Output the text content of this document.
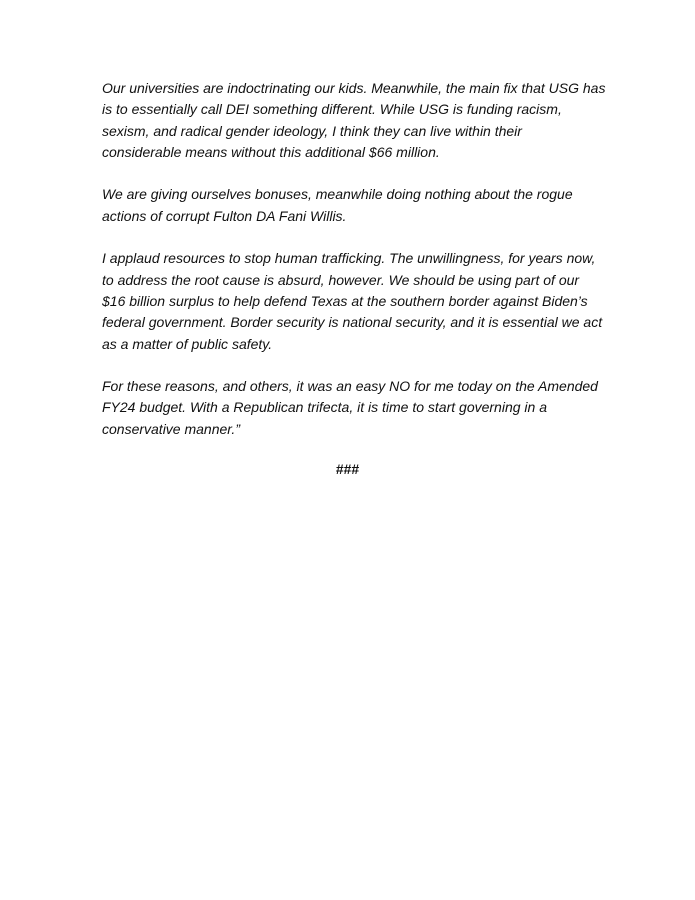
Our universities are indoctrinating our kids. Meanwhile, the main fix that USG has
is to essentially call DEI something different. While USG is funding racism,
sexism, and radical gender ideology, I think they can live within their
considerable means without this additional $66 million.

We are giving ourselves bonuses, meanwhile doing nothing about the rogue
actions of corrupt Fulton DA Fani Willis.

I applaud resources to stop human trafficking. The unwillingness, for years now,
to address the root cause is absurd, however. We should be using part of our
$16 billion surplus to help defend Texas at the southern border against Biden’s
federal government. Border security is national security, and it is essential we act
as a matter of public safety.

For these reasons, and others, it was an easy NO for me today on the Amended
FY24 budget. With a Republican trifecta, it is time to start governing in a
conservative manner.”

###
